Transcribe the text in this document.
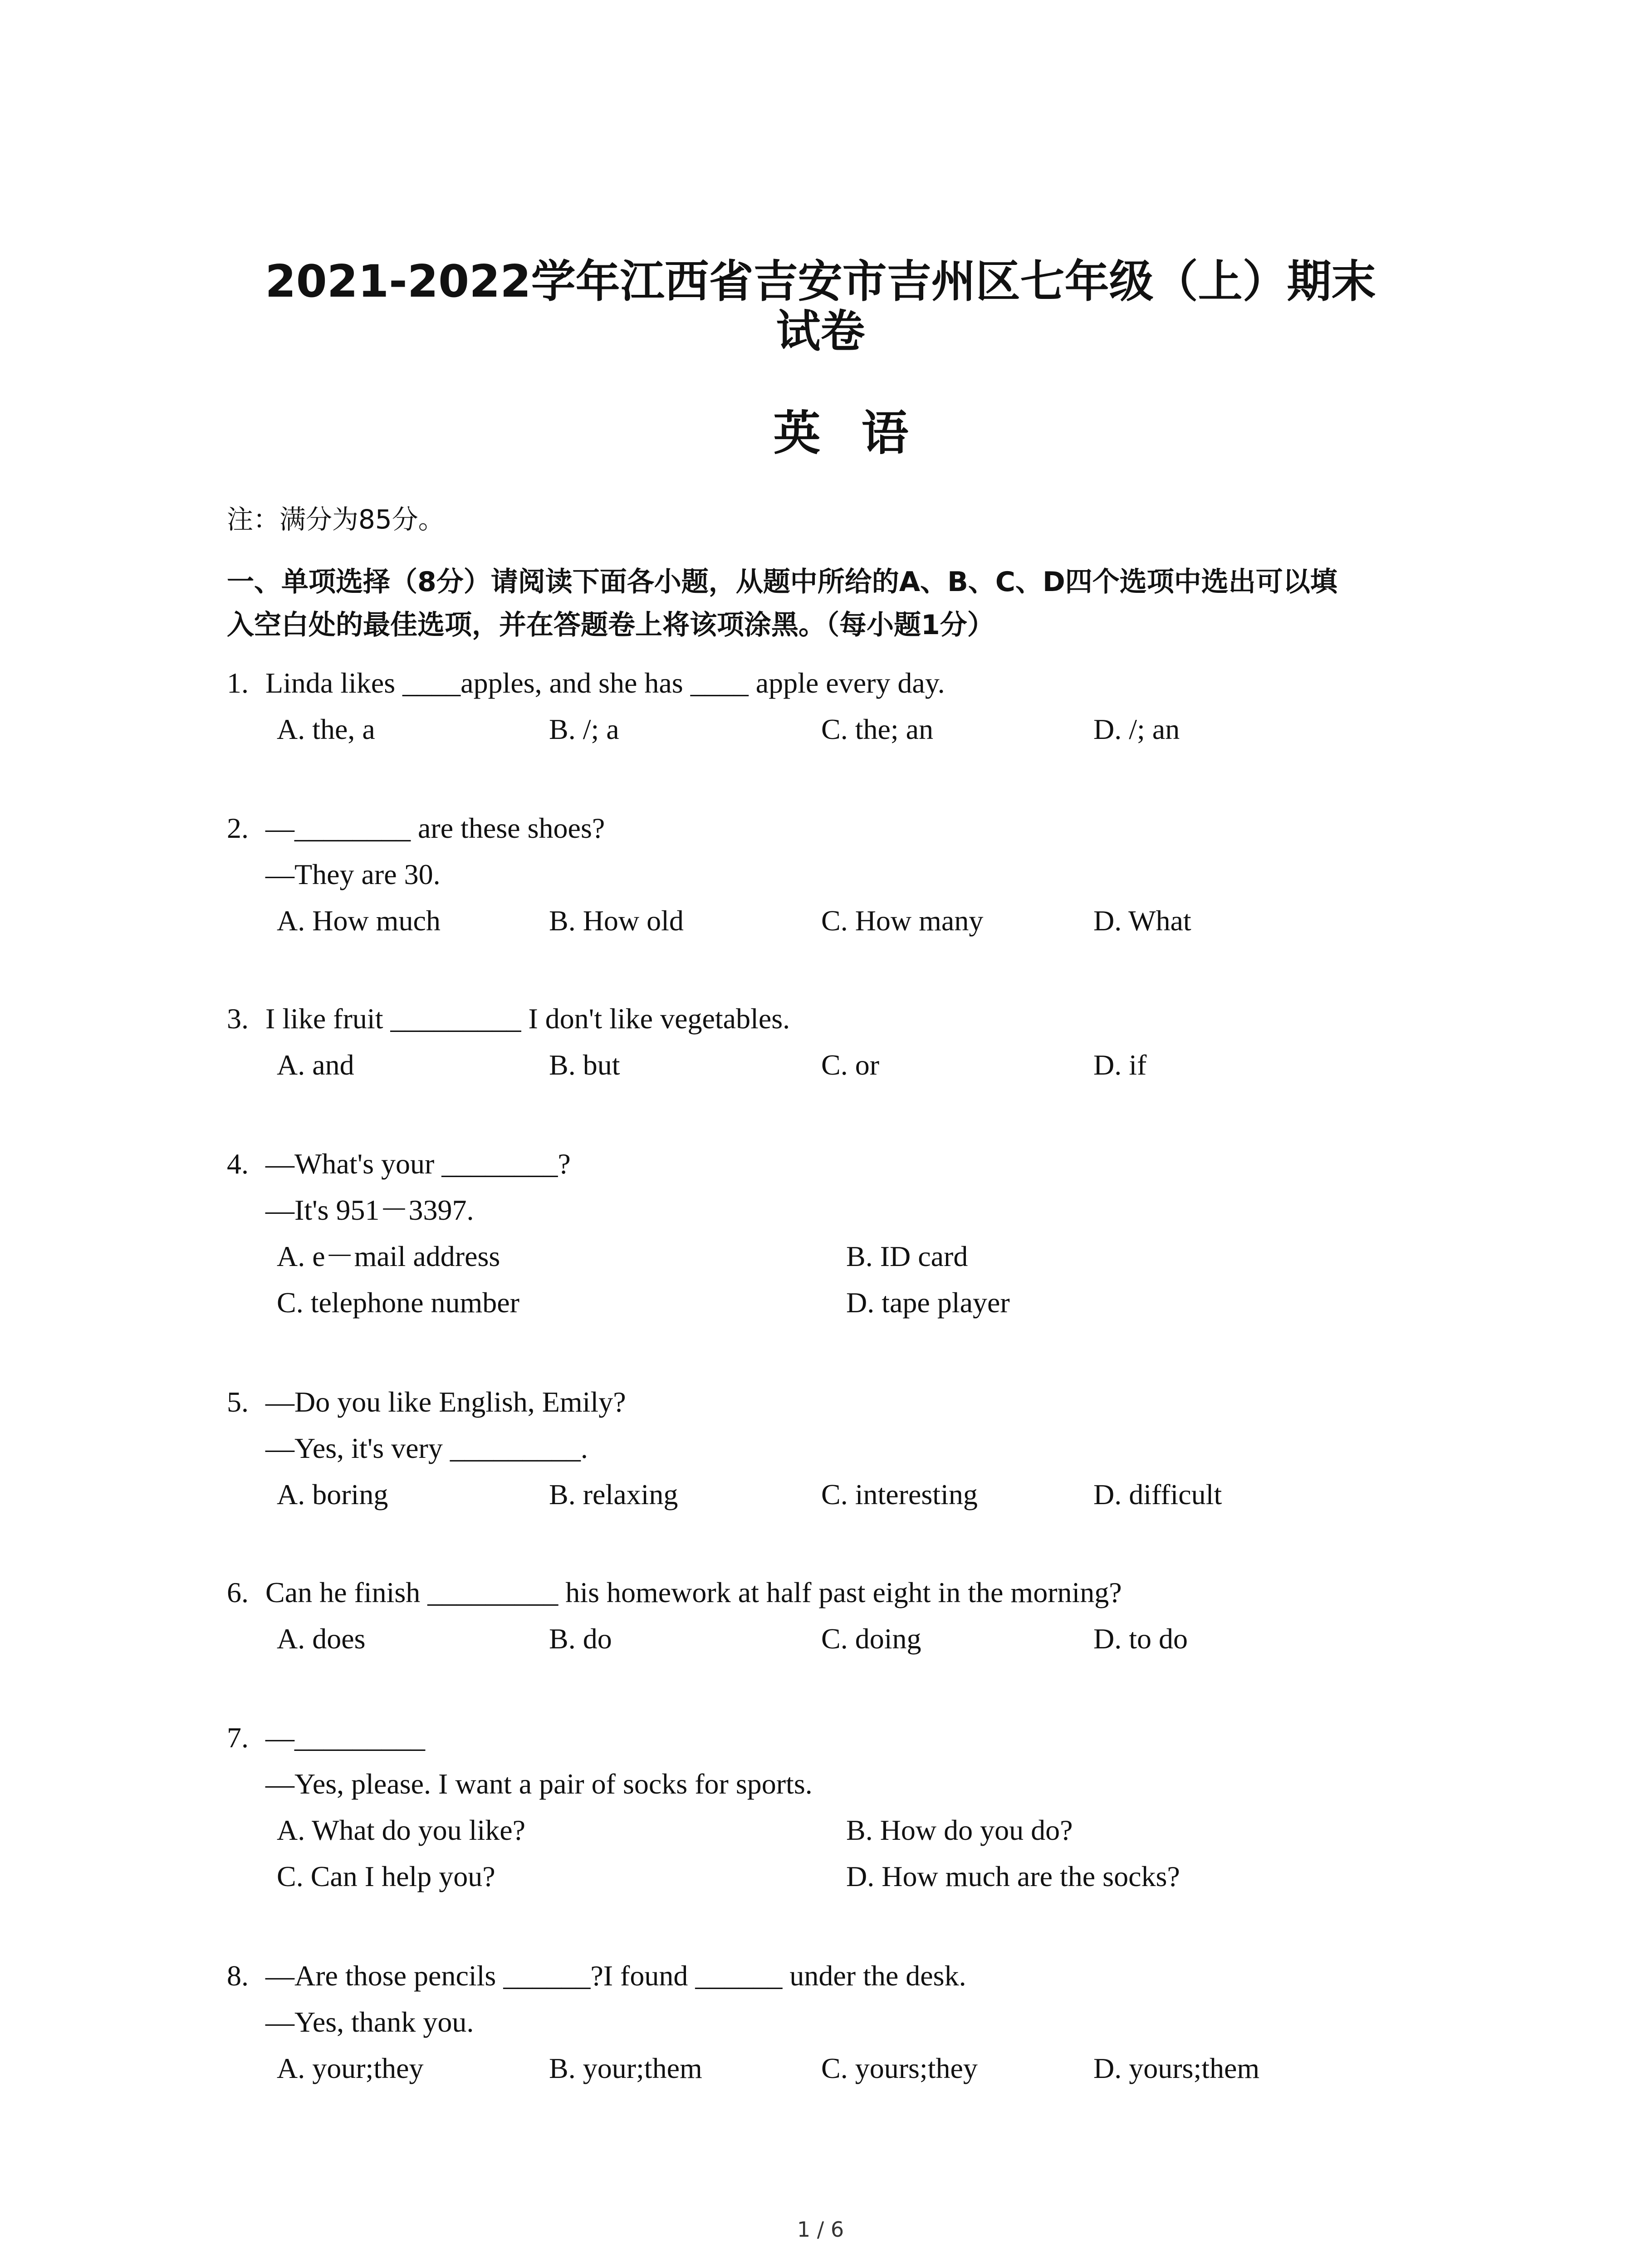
2021-2022学年江西省吉安市吉州区七年级（上）期末
试卷
英语
注：满分为85分。
一、单项选择（8分）请阅读下面各小题，从题中所给的A、B、C、D四个选项中选出可以填
入空白处的最佳选项，并在答题卷上将该项涂黑。（每小题1分）
1. Linda likes ____apples, and she has ____ apple every day.
A. the, a	B. /; a	C. the; an	D. /; an
2. —________ are these shoes?
—They are 30.
A. How much	B. How old	C. How many	D. What
3. I like fruit _________ I don't like vegetables.
A. and	B. but	C. or	D. if
4. —What's your ________?
—It's 951－3397.
A. e－mail address	B. ID card
C. telephone number	D. tape player
5. —Do you like English, Emily?
—Yes, it's very _________.
A. boring	B. relaxing	C. interesting	D. difficult
6. Can he finish _________ his homework at half past eight in the morning?
A. does	B. do	C. doing	D. to do
7. —_________
—Yes, please. I want a pair of socks for sports.
A. What do you like?	B. How do you do?
C. Can I help you?	D. How much are the socks?
8. —Are those pencils ______?I found ______ under the desk.
—Yes, thank you.
A. your;they	B. your;them	C. yours;they	D. yours;them
1 / 6
